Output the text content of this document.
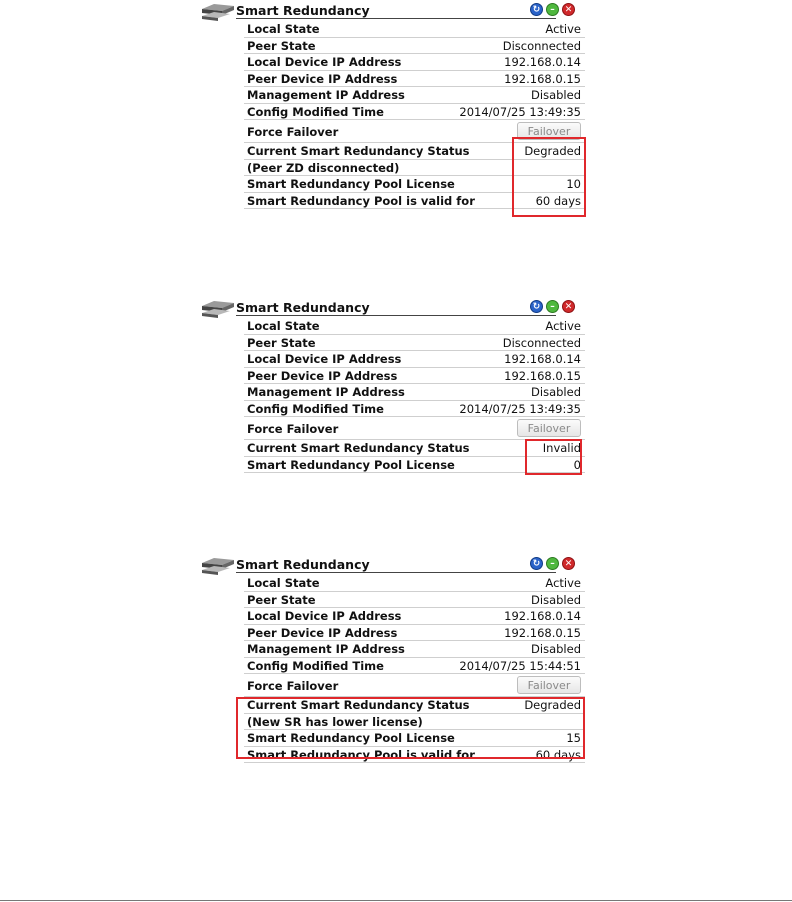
Smart Redundancy	↻	–	✕
Local State	Active
Peer State	Disconnected
Local Device IP Address	192.168.0.14
Peer Device IP Address	192.168.0.15
Management IP Address	Disabled
Config Modified Time	2014/07/25 13:49:35
Force Failover	Failover
Current Smart Redundancy Status	Degraded
(Peer ZD disconnected)
Smart Redundancy Pool License	10
Smart Redundancy Pool is valid for	60 days
Smart Redundancy	↻	–	✕
Local State	Active
Peer State	Disconnected
Local Device IP Address	192.168.0.14
Peer Device IP Address	192.168.0.15
Management IP Address	Disabled
Config Modified Time	2014/07/25 13:49:35
Force Failover	Failover
Current Smart Redundancy Status	Invalid
Smart Redundancy Pool License	0
Smart Redundancy	↻	–	✕
Local State	Active
Peer State	Disabled
Local Device IP Address	192.168.0.14
Peer Device IP Address	192.168.0.15
Management IP Address	Disabled
Config Modified Time	2014/07/25 15:44:51
Force Failover	Failover
Current Smart Redundancy Status	Degraded
(New SR has lower license)
Smart Redundancy Pool License	15
Smart Redundancy Pool is valid for	60 days
